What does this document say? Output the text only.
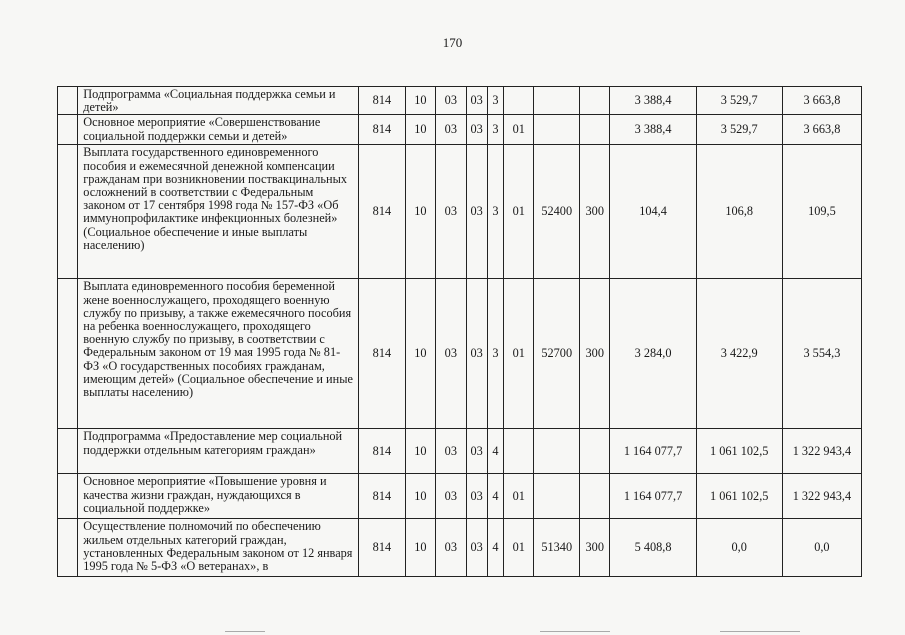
170
	Подпрограмма «Социальная поддержка семьи и детей»	814	10	03	03	3				3 388,4	3 529,7	3 663,8
	Основное мероприятие «Совершенствование социальной поддержки семьи и детей»	814	10	03	03	3	01			3 388,4	3 529,7	3 663,8
	Выплата государственного единовременного пособия и ежемесячной денежной компенсации гражданам при возникновении поствакцинальных осложнений в соответствии с Федеральным законом от 17 сентября 1998 года № 157-ФЗ «Об иммунопрофилактике инфекционных болезней» (Социальное обеспечение и иные выплаты населению)	814	10	03	03	3	01	52400	300	104,4	106,8	109,5
	Выплата единовременного пособия беременной жене военнослужащего, проходящего военную службу по призыву, а также ежемесячного пособия на ребенка военнослужащего, проходящего военную службу по призыву, в соответствии с Федеральным законом от 19 мая 1995 года № 81-ФЗ «О государственных пособиях гражданам, имеющим детей» (Социальное обеспечение и иные выплаты населению)	814	10	03	03	3	01	52700	300	3 284,0	3 422,9	3 554,3
	Подпрограмма «Предоставление мер социальной поддержки отдельным категориям граждан»	814	10	03	03	4				1 164 077,7	1 061 102,5	1 322 943,4
	Основное мероприятие «Повышение уровня и качества жизни граждан, нуждающихся в социальной поддержке»	814	10	03	03	4	01			1 164 077,7	1 061 102,5	1 322 943,4
	Осуществление полномочий по обеспечению жильем отдельных категорий граждан, установленных Федеральным законом от 12 января 1995 года № 5-ФЗ «О ветеранах», в	814	10	03	03	4	01	51340	300	5 408,8	0,0	0,0
